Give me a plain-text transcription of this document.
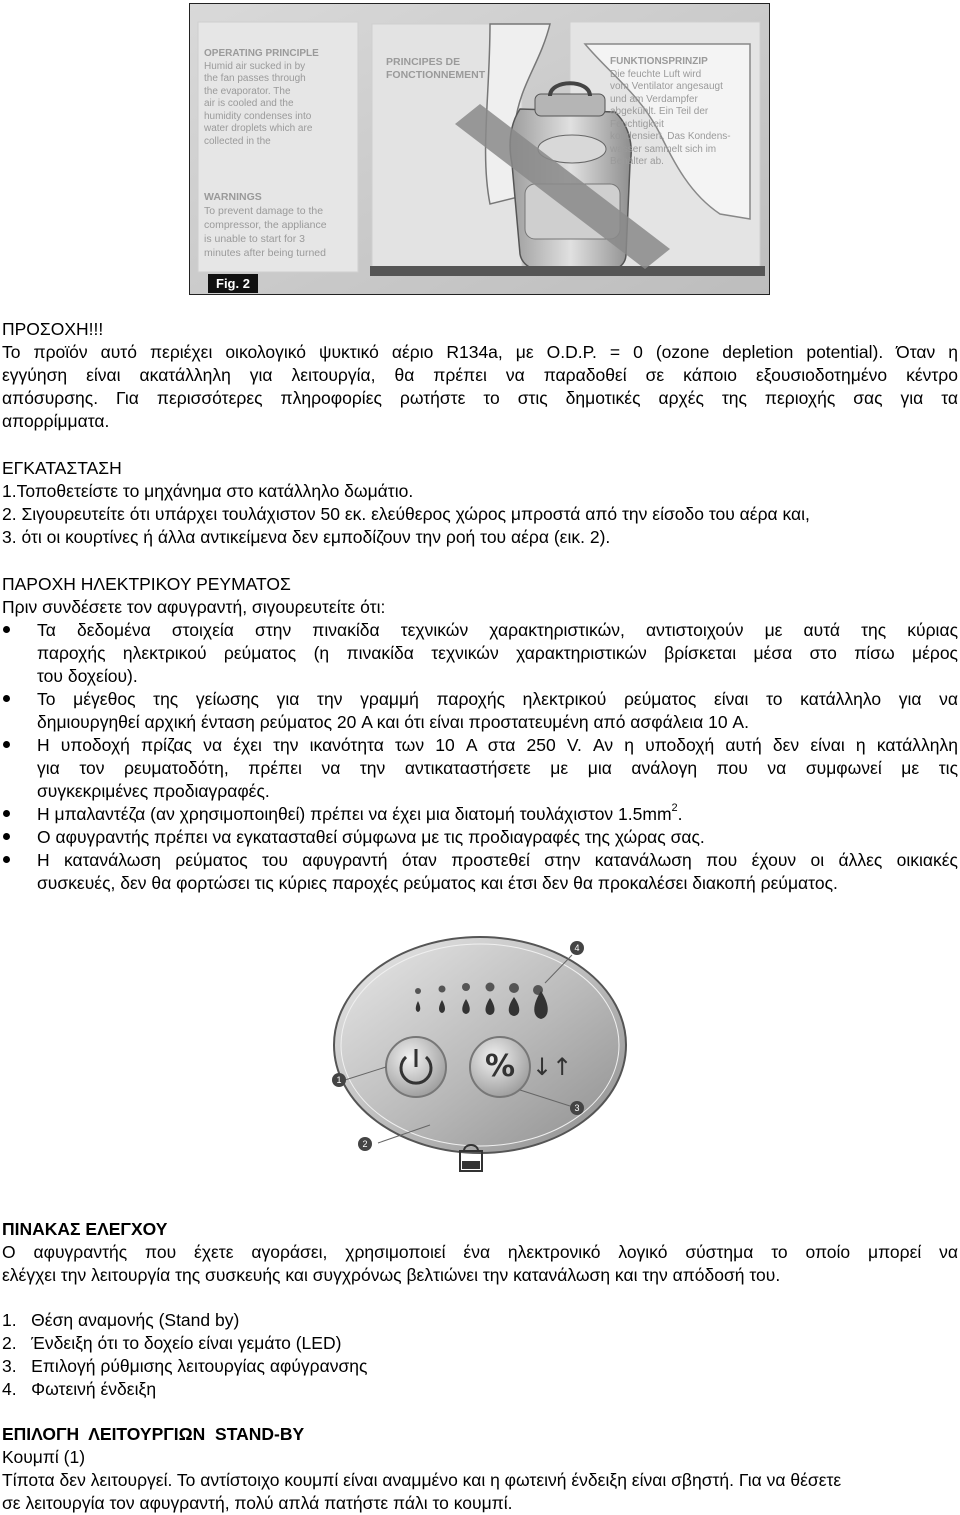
OPERATING PRINCIPLE
Humid air sucked in by
the fan passes through
the evaporator. The
air is cooled and the
humidity condenses into
water droplets which are
collected in the
WARNINGS
To prevent damage to the
compressor, the appliance
is unable to start for 3
minutes after being turned
PRINCIPES DE
FONCTIONNEMENT
FUNKTIONSPRINZIP
Die feuchte Luft wird
vom Ventilator angesaugt
und am Verdampfer
abgekühlt. Ein Teil der
Feuchtigkeit
kondensiert. Das Kondens-
wasser sammelt sich im
Behälter ab.
Fig. 2
ΠΡΟΣΟΧΗ!!!
Το προϊόν αυτό περιέχει οικολογικό ψυκτικό αέριο R134a, με O.D.P. = 0 (ozone depletion potential). Όταν η
εγγύηση είναι ακατάλληλη για λειτουργία, θα πρέπει να παραδοθεί σε κάποιο εξουσιοδοτημένο κέντρο
απόσυρσης. Για περισσότερες πληροφορίες ρωτήστε το στις δημοτικές αρχές της περιοχής σας για τα
απορρίμματα.
ΕΓΚΑΤΑΣΤΑΣΗ
1.Τοποθετείστε το μηχάνημα στο κατάλληλο δωμάτιο.
2. Σιγουρευτείτε ότι υπάρχει τουλάχιστον 50 εκ. ελεύθερος χώρος μπροστά από την είσοδο του αέρα και,
3. ότι οι κουρτίνες ή άλλα αντικείμενα δεν εμποδίζουν την ροή του αέρα (εικ. 2).
ΠΑΡΟΧΗ ΗΛΕΚΤΡΙΚΟΥ ΡΕΥΜΑΤΟΣ
Πριν συνδέσετε τον αφυγραντή, σιγουρευτείτε ότι:
Τα δεδομένα στοιχεία στην πινακίδα τεχνικών χαρακτηριστικών, αντιστοιχούν με αυτά της κύριας
παροχής ηλεκτρικού ρεύματος (η πινακίδα τεχνικών χαρακτηριστικών βρίσκεται μέσα στο πίσω μέρος
του δοχείου).
Το μέγεθος της γείωσης για την γραμμή παροχής ηλεκτρικού ρεύματος είναι το κατάλληλο για να
δημιουργηθεί αρχική ένταση ρεύματος 20 A και ότι είναι προστατευμένη από ασφάλεια 10 A.
Η υποδοχή πρίζας να έχει την ικανότητα των 10 A στα 250 V. Αν η υποδοχή αυτή δεν είναι η κατάλληλη
για τον ρευματοδότη, πρέπει να την αντικαταστήσετε με μια ανάλογη που να συμφωνεί με τις
συγκεκριμένες προδιαγραφές.
Η μπαλαντέζα (αν χρησιμοποιηθεί) πρέπει να έχει μια διατομή τουλάχιστον $1.5mm^2$.
Ο αφυγραντής πρέπει να εγκατασταθεί σύμφωνα με τις προδιαγραφές της χώρας σας.
Η κατανάλωση ρεύματος του αφυγραντή όταν προστεθεί στην κατανάλωση που έχουν οι άλλες οικιακές
συσκευές, δεν θα φορτώσει τις κύριες παροχές ρεύματος και έτσι δεν θα προκαλέσει διακοπή ρεύματος.
% ↓↑
1
2
3
4
ΠΙΝΑΚΑΣ ΕΛΕΓΧΟΥ
Ο αφυγραντής που έχετε αγοράσει, χρησιμοποιεί ένα ηλεκτρονικό λογικό σύστημα το οποίο μπορεί να
ελέγχει την λειτουργία της συσκευής και συγχρόνως βελτιώνει την κατανάλωση και την απόδοσή του.
1.   Θέση αναμονής (Stand by)
2.   Ένδειξη ότι το δοχείο είναι γεμάτο (LED)
3.   Επιλογή ρύθμισης λειτουργίας αφύγρανσης
4.   Φωτεινή ένδειξη
ΕΠΙΛΟΓΗ  ΛΕΙΤΟΥΡΓΙΩΝ  STAND-BY
Κουμπί (1)
Τίποτα δεν λειτουργεί. Το αντίστοιχο κουμπί είναι αναμμένο και η φωτεινή ένδειξη είναι σβηστή. Για να θέσετε
σε λειτουργία τον αφυγραντή, πολύ απλά πατήστε πάλι το κουμπί.
